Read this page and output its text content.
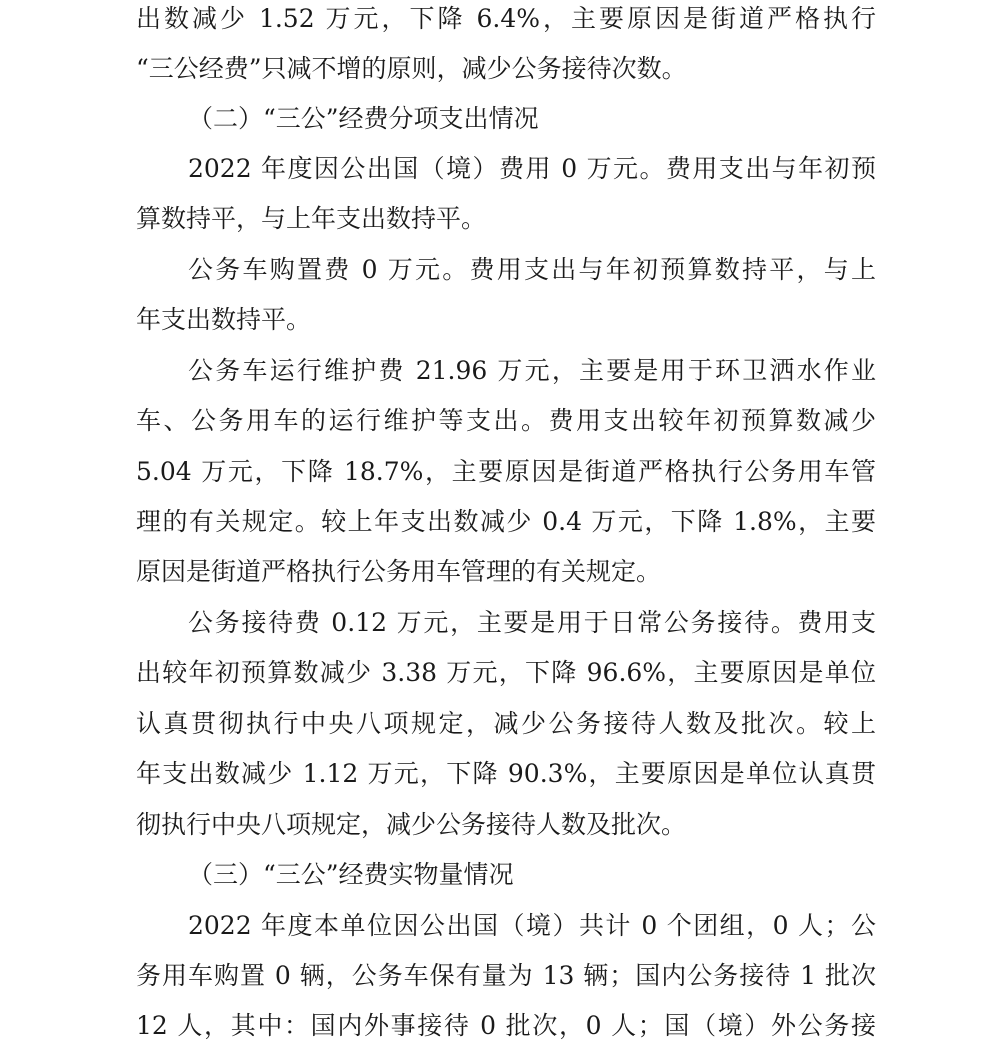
出数减少 1.52 万元，下降 6.4%，主要原因是街道严格执行
“三公经费”只减不增的原则，减少公务接待次数。
（二）“三公”经费分项支出情况
2022 年度因公出国（境）费用 0 万元。费用支出与年初预
算数持平，与上年支出数持平。
公务车购置费 0 万元。费用支出与年初预算数持平，与上
年支出数持平。
公务车运行维护费 21.96 万元，主要是用于环卫洒水作业
车、公务用车的运行维护等支出。费用支出较年初预算数减少
5.04 万元，下降 18.7%，主要原因是街道严格执行公务用车管
理的有关规定。较上年支出数减少 0.4 万元，下降 1.8%，主要
原因是街道严格执行公务用车管理的有关规定。
公务接待费 0.12 万元，主要是用于日常公务接待。费用支
出较年初预算数减少 3.38 万元，下降 96.6%，主要原因是单位
认真贯彻执行中央八项规定，减少公务接待人数及批次。较上
年支出数减少 1.12 万元，下降 90.3%，主要原因是单位认真贯
彻执行中央八项规定，减少公务接待人数及批次。
（三）“三公”经费实物量情况
2022 年度本单位因公出国（境）共计 0 个团组，0 人；公
务用车购置 0 辆，公务车保有量为 13 辆；国内公务接待 1 批次
12 人，其中：国内外事接待 0 批次，0 人；国（境）外公务接
